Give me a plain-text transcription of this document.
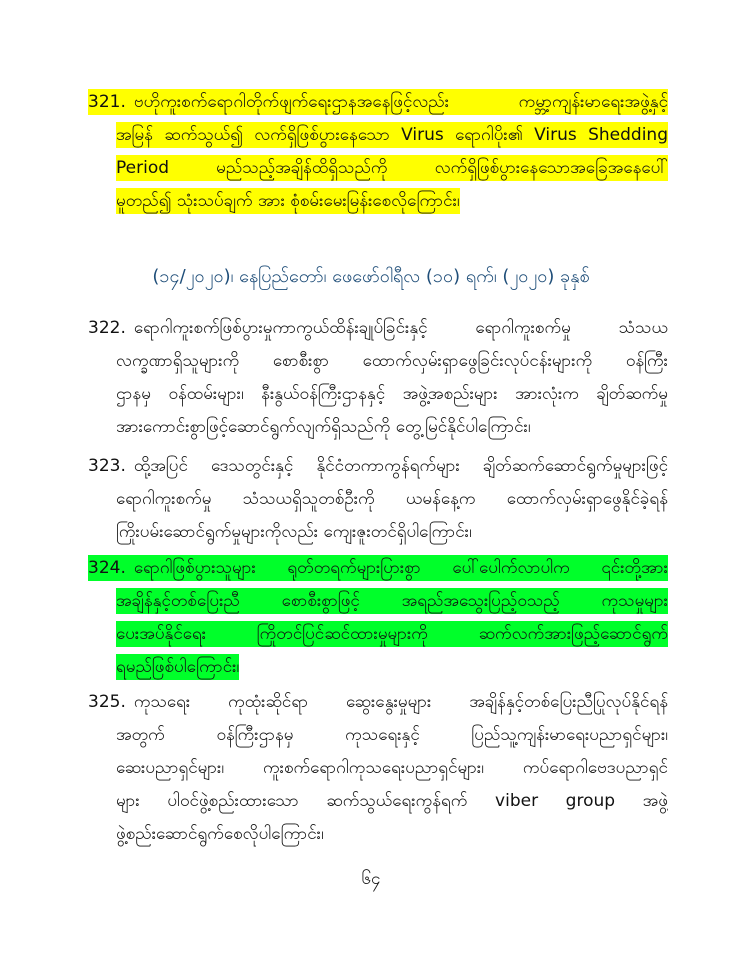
321. ဗဟိုကူးစက်ရောဂါတိုက်ဖျက်ရေးဌာနအနေဖြင့်လည်း ကမ္ဘာ့ကျန်းမာရေးအဖွဲ့နှင့်
အမြန် ဆက်သွယ်၍ လက်ရှိဖြစ်ပွားနေသော Virus ရောဂါပိုး၏ Virus Shedding
Period မည်သည့်အချိန်ထိရှိသည်ကို လက်ရှိဖြစ်ပွားနေသောအခြေအနေပေါ်
မူတည်၍ သုံးသပ်ချက် အား စုံစမ်းမေးမြန်းစေလိုကြောင်း၊
(၁၄/၂၀၂၀)၊ နေပြည်တော်၊ ဖေဖော်ဝါရီလ (၁၀) ရက်၊ (၂၀၂၀) ခုနှစ်
322. ရောဂါကူးစက်ဖြစ်ပွားမှုကာကွယ်ထိန်းချုပ်ခြင်းနှင့် ရောဂါကူးစက်မှု သံသယ
လက္ခဏာရှိသူများကို စောစီးစွာ ထောက်လှမ်းရှာဖွေခြင်းလုပ်ငန်းများကို ဝန်ကြီး
ဌာနမှ ဝန်ထမ်းများ၊ နီးနွယ်ဝန်ကြီးဌာနနှင့် အဖွဲ့အစည်းများ အားလုံးက ချိတ်ဆက်မှု
အားကောင်းစွာဖြင့်ဆောင်ရွက်လျက်ရှိသည်ကို တွေ့မြင်နိုင်ပါကြောင်း၊
323. ထို့အပြင် ဒေသတွင်းနှင့် နိုင်ငံတကာကွန်ရက်များ ချိတ်ဆက်ဆောင်ရွက်မှုများဖြင့်
ရောဂါကူးစက်မှု သံသယရှိသူတစ်ဦးကို ယမန်နေ့က ထောက်လှမ်းရှာဖွေနိုင်ခဲ့ရန်
ကြိုးပမ်းဆောင်ရွက်မှုများကိုလည်း ကျေးဇူးတင်ရှိပါကြောင်း၊
324. ရောဂါဖြစ်ပွားသူများ ရုတ်တရက်များပြားစွာ ပေါ်ပေါက်လာပါက ၎င်းတို့အား
အချိန်နှင့်တစ်ပြေးညီ စောစီးစွာဖြင့် အရည်အသွေးပြည့်ဝသည့် ကုသမှုများ
ပေးအပ်နိုင်ရေး ကြိုတင်ပြင်ဆင်ထားမှုများကို ဆက်လက်အားဖြည့်ဆောင်ရွက်
ရမည်ဖြစ်ပါကြောင်း၊
325. ကုသရေး ကုထုံးဆိုင်ရာ ဆွေးနွေးမှုများ အချိန်နှင့်တစ်ပြေးညီပြုလုပ်နိုင်ရန်
အတွက် ဝန်ကြီးဌာနမှ ကုသရေးနှင့် ပြည်သူ့ကျန်းမာရေးပညာရှင်များ၊
ဆေးပညာရှင်များ၊ ကူးစက်ရောဂါကုသရေးပညာရှင်များ၊ ကပ်ရောဂါဗေဒပညာရှင်
များ ပါဝင်ဖွဲ့စည်းထားသော ဆက်သွယ်ရေးကွန်ရက် viber group အဖွဲ့
ဖွဲ့စည်းဆောင်ရွက်စေလိုပါကြောင်း၊
၆၄
